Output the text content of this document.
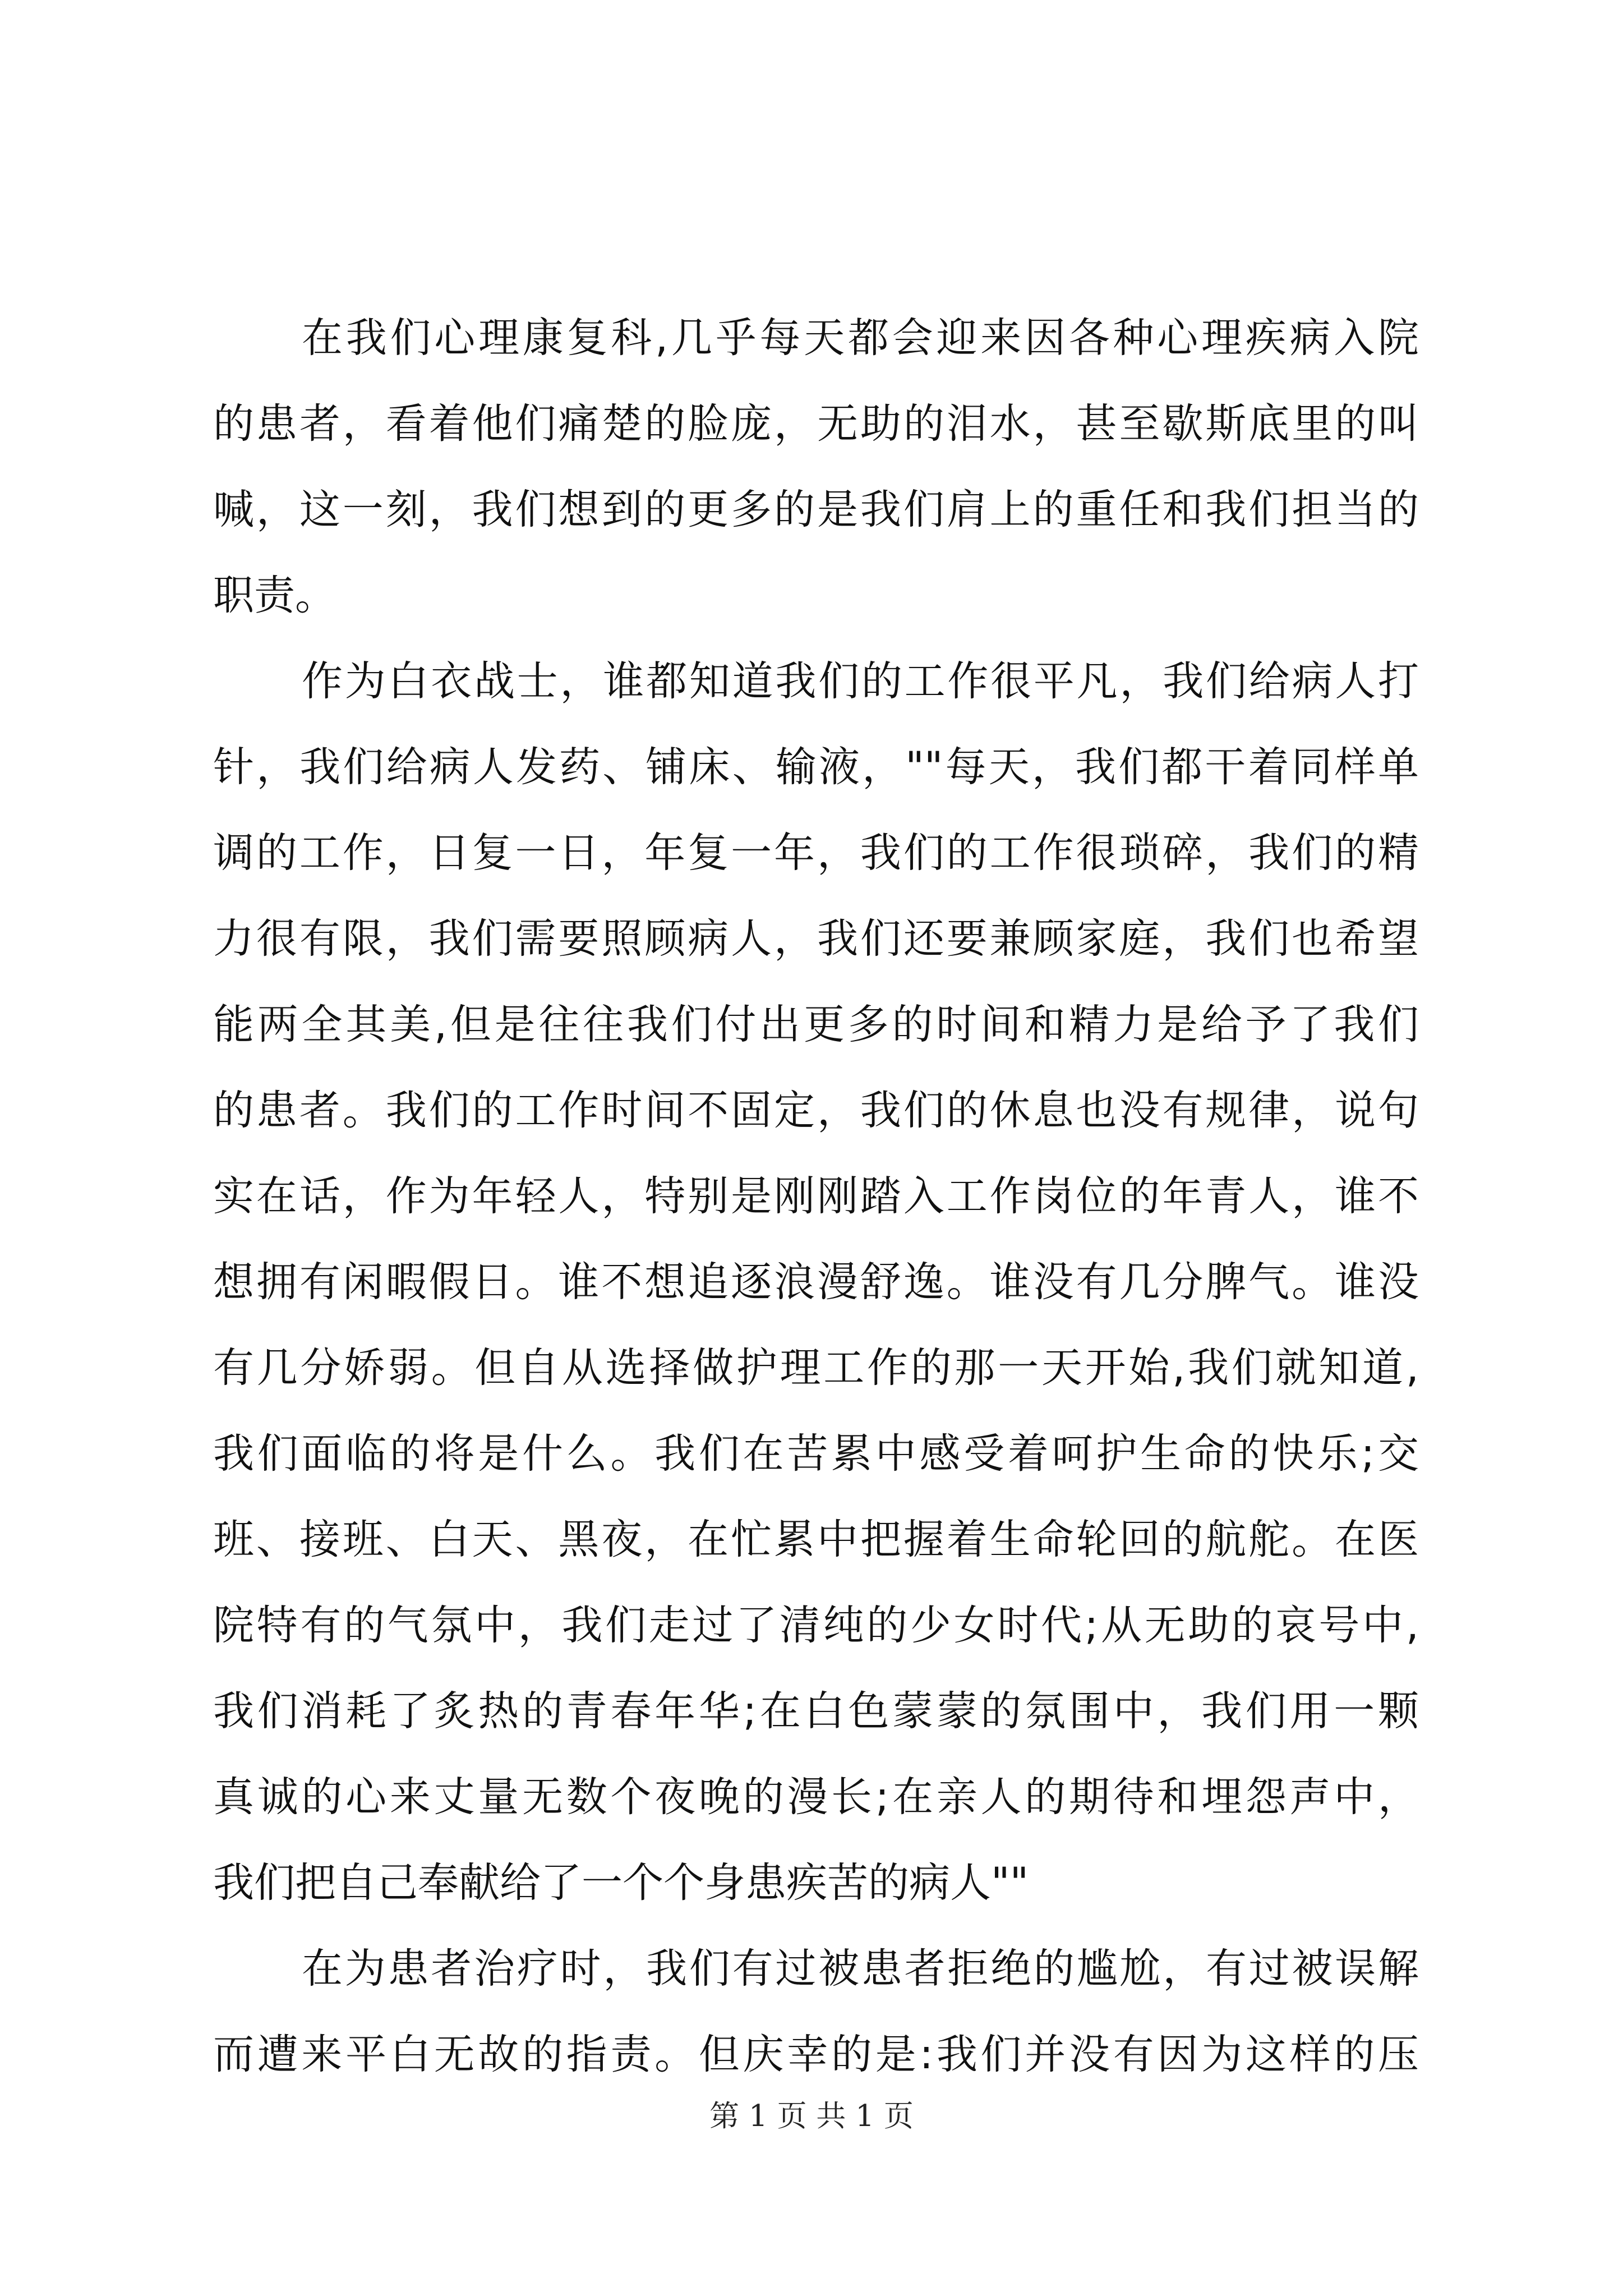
在我们心理康复科,几乎每天都会迎来因各种心理疾病入院
的患者，看着他们痛楚的脸庞，无助的泪水，甚至歇斯底里的叫
喊，这一刻，我们想到的更多的是我们肩上的重任和我们担当的
职责。
作为白衣战士，谁都知道我们的工作很平凡，我们给病人打
针，我们给病人发药、铺床、输液，""每天，我们都干着同样单
调的工作，日复一日，年复一年，我们的工作很琐碎，我们的精
力很有限，我们需要照顾病人，我们还要兼顾家庭，我们也希望
能两全其美,但是往往我们付出更多的时间和精力是给予了我们
的患者。我们的工作时间不固定，我们的休息也没有规律，说句
实在话，作为年轻人，特别是刚刚踏入工作岗位的年青人，谁不
想拥有闲暇假日。谁不想追逐浪漫舒逸。谁没有几分脾气。谁没
有几分娇弱。但自从选择做护理工作的那一天开始,我们就知道,
我们面临的将是什么。我们在苦累中感受着呵护生命的快乐;交
班、接班、白天、黑夜，在忙累中把握着生命轮回的航舵。在医
院特有的气氛中，我们走过了清纯的少女时代;从无助的哀号中,
我们消耗了炙热的青春年华;在白色蒙蒙的氛围中，我们用一颗
真诚的心来丈量无数个夜晚的漫长;在亲人的期待和埋怨声中，
我们把自己奉献给了一个个身患疾苦的病人""
在为患者治疗时，我们有过被患者拒绝的尴尬，有过被误解
而遭来平白无故的指责。但庆幸的是:我们并没有因为这样的压
第 1 页 共 1 页
